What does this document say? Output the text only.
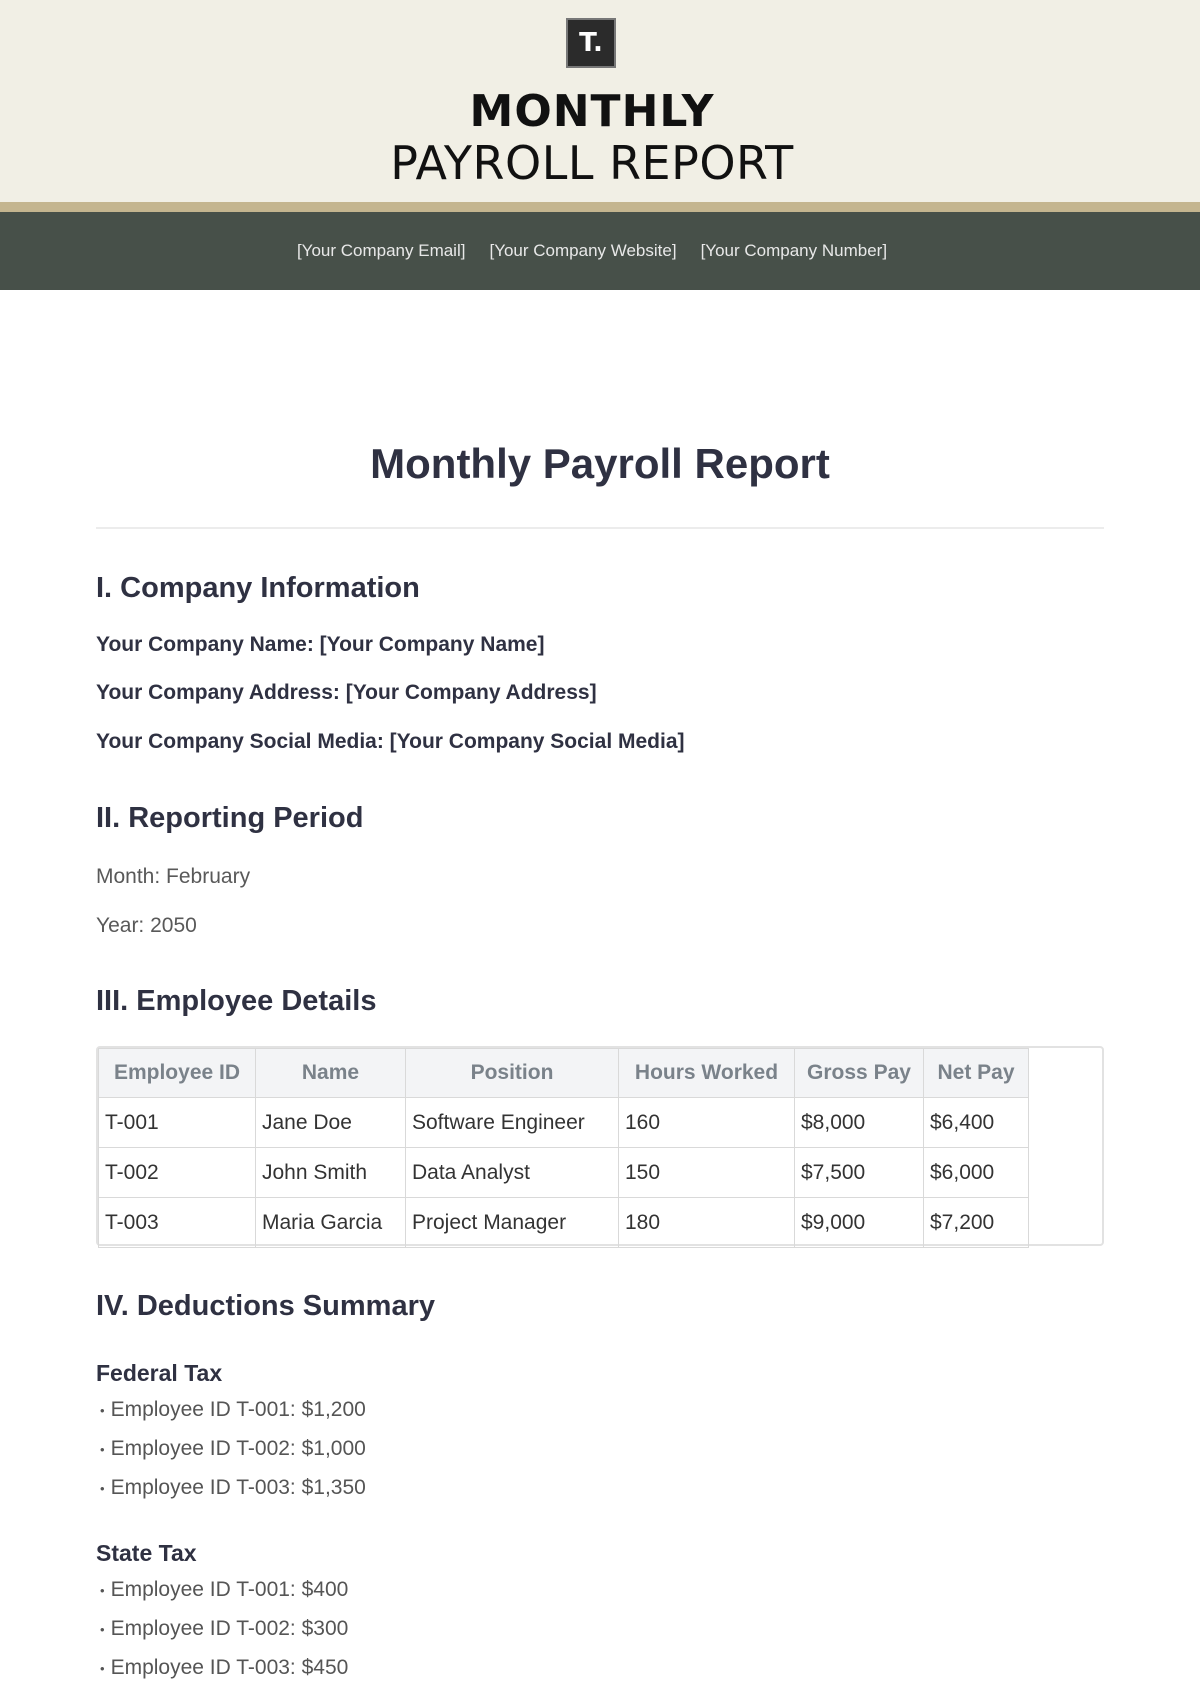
T.
MONTHLY
PAYROLL REPORT
[Your Company Email] [Your Company Website] [Your Company Number]
Monthly Payroll Report
I. Company Information
Your Company Name: [Your Company Name]
Your Company Address: [Your Company Address]
Your Company Social Media: [Your Company Social Media]
II. Reporting Period
Month: February
Year: 2050
III. Employee Details
Employee ID	Name	Position	Hours Worked	Gross Pay	Net Pay
T-001	Jane Doe	Software Engineer	160	$8,000	$6,400
T-002	John Smith	Data Analyst	150	$7,500	$6,000
T-003	Maria Garcia	Project Manager	180	$9,000	$7,200
IV. Deductions Summary
Federal Tax
• Employee ID T-001: $1,200
• Employee ID T-002: $1,000
• Employee ID T-003: $1,350
State Tax
• Employee ID T-001: $400
• Employee ID T-002: $300
• Employee ID T-003: $450
